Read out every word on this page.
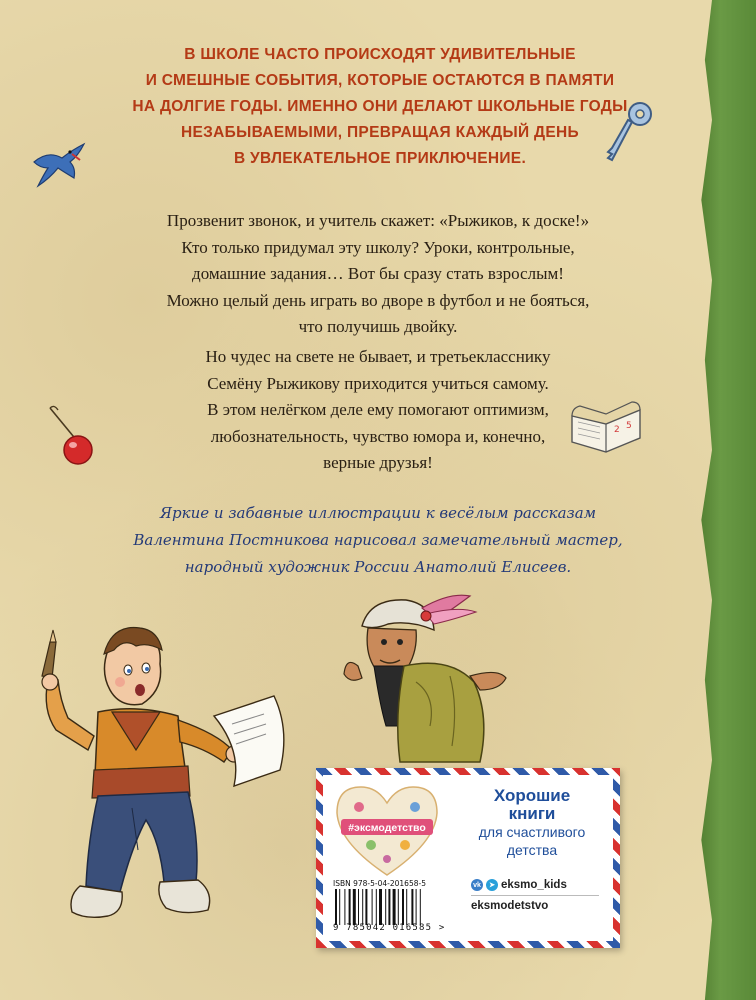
2 5
В ШКОЛЕ ЧАСТО ПРОИСХОДЯТ УДИВИТЕЛЬНЫЕ
И СМЕШНЫЕ СОБЫТИЯ, КОТОРЫЕ ОСТАЮТСЯ В ПАМЯТИ
НА ДОЛГИЕ ГОДЫ. ИМЕННО ОНИ ДЕЛАЮТ ШКОЛЬНЫЕ ГОДЫ
НЕЗАБЫВАЕМЫМИ, ПРЕВРАЩАЯ КАЖДЫЙ ДЕНЬ
В УВЛЕКАТЕЛЬНОЕ ПРИКЛЮЧЕНИЕ.
Прозвенит звонок, и учитель скажет: «Рыжиков, к доске!»
Кто только придумал эту школу? Уроки, контрольные,
домашние задания… Вот бы сразу стать взрослым!
Можно целый день играть во дворе в футбол и не бояться,
что получишь двойку.
Но чудес на свете не бывает, и третьекласснику
Семёну Рыжикову приходится учиться самому.
В этом нелёгком деле ему помогают оптимизм,
любознательность, чувство юмора и, конечно,
верные друзья!
Яркие и забавные иллюстрации к весёлым рассказам
Валентина Постникова нарисовал замечательный мастер,
народный художник России Анатолий Елисеев.
#эксмодетство
Хорошие
книги
для счастливого
детства
ISBN 978-5-04-201658-5
9 785042 016585 >
vk	➤ eksmo_kids
eksmodetstvo
